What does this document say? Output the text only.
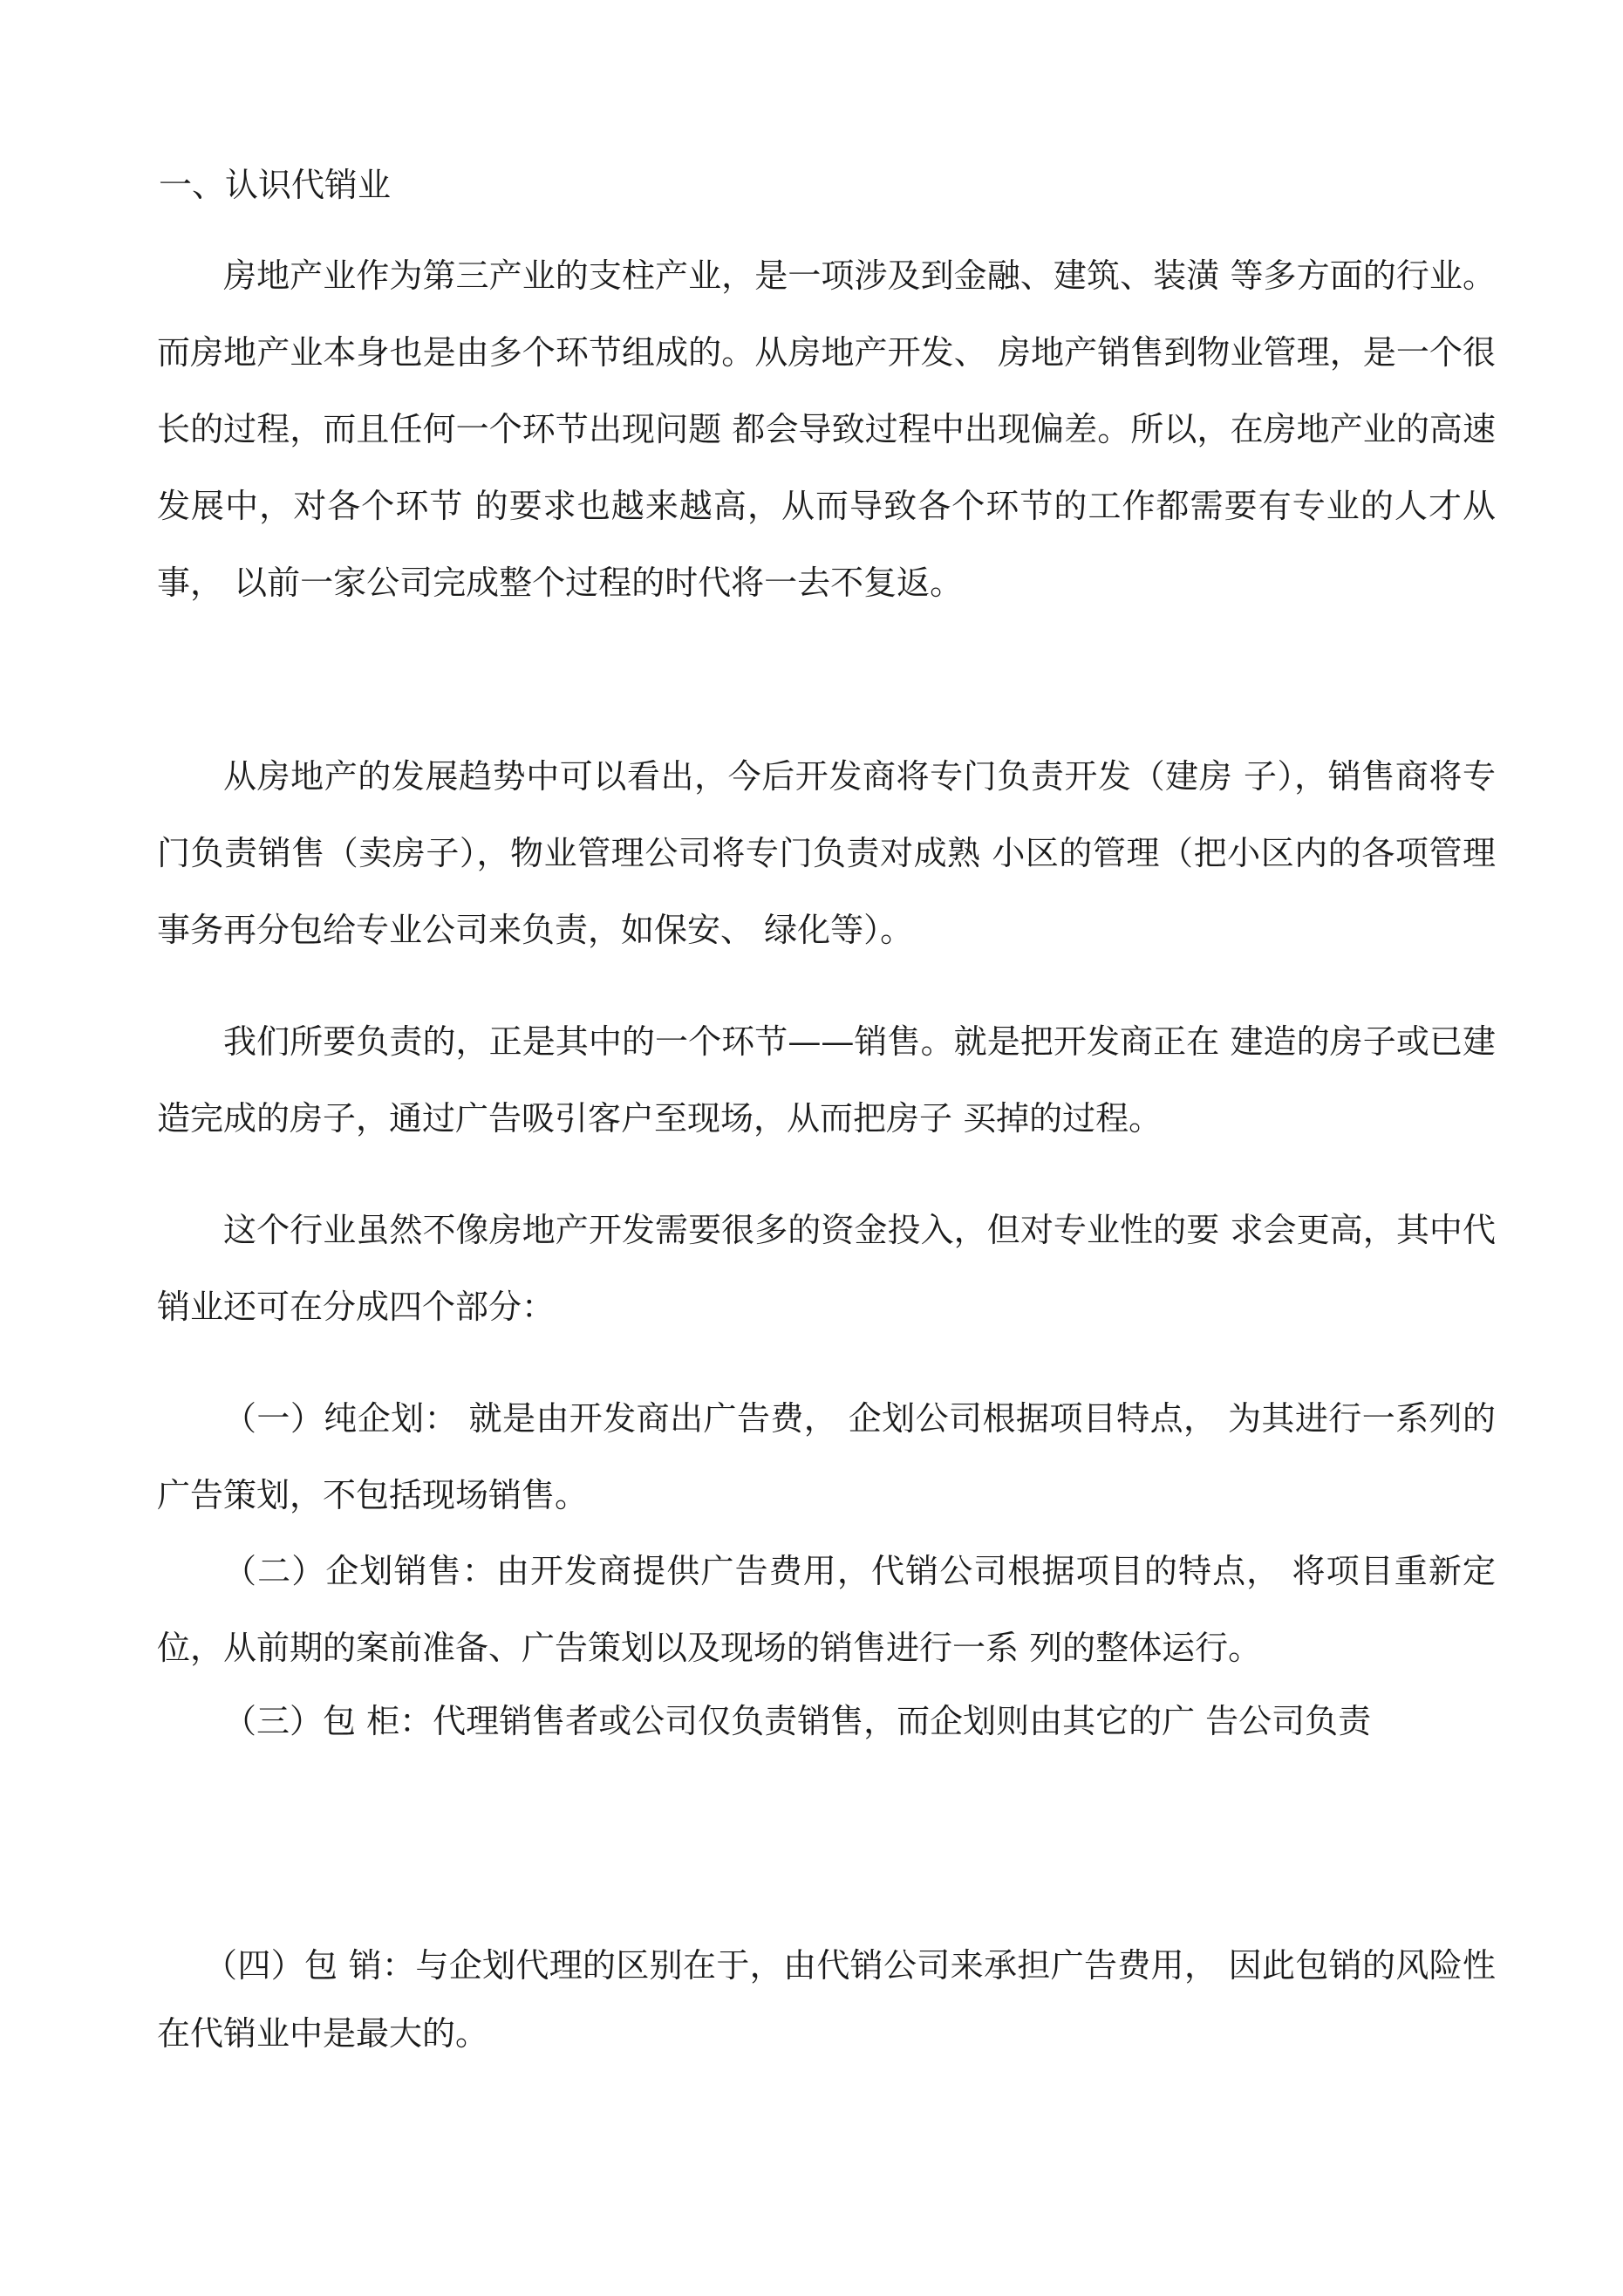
一、认识代销业

房地产业作为第三产业的支柱产业，是一项涉及到金融、建筑、装潢 等多方面的行业。而房地产业本身也是由多个环节组成的。从房地产开发、 房地产销售到物业管理，是一个很长的过程，而且任何一个环节出现问题 都会导致过程中出现偏差。所以，在房地产业的高速发展中，对各个环节 的要求也越来越高，从而导致各个环节的工作都需要有专业的人才从事， 以前一家公司完成整个过程的时代将一去不复返。

从房地产的发展趋势中可以看出，今后开发商将专门负责开发（建房 子），销售商将专门负责销售（卖房子），物业管理公司将专门负责对成熟 小区的管理（把小区内的各项管理事务再分包给专业公司来负责，如保安、 绿化等）。

我们所要负责的，正是其中的一个环节——销售。就是把开发商正在 建造的房子或已建造完成的房子，通过广告吸引客户至现场，从而把房子 买掉的过程。

这个行业虽然不像房地产开发需要很多的资金投入，但对专业性的要 求会更高，其中代销业还可在分成四个部分：

（一）纯企划： 就是由开发商出广告费， 企划公司根据项目特点， 为其进行一系列的广告策划，不包括现场销售。

（二）企划销售：由开发商提供广告费用，代销公司根据项目的特点， 将项目重新定位，从前期的案前准备、广告策划以及现场的销售进行一系 列的整体运行。

（三）包 柜：代理销售者或公司仅负责销售，而企划则由其它的广 告公司负责

（四）包 销：与企划代理的区别在于，由代销公司来承担广告费用， 因此包销的风险性在代销业中是最大的。
